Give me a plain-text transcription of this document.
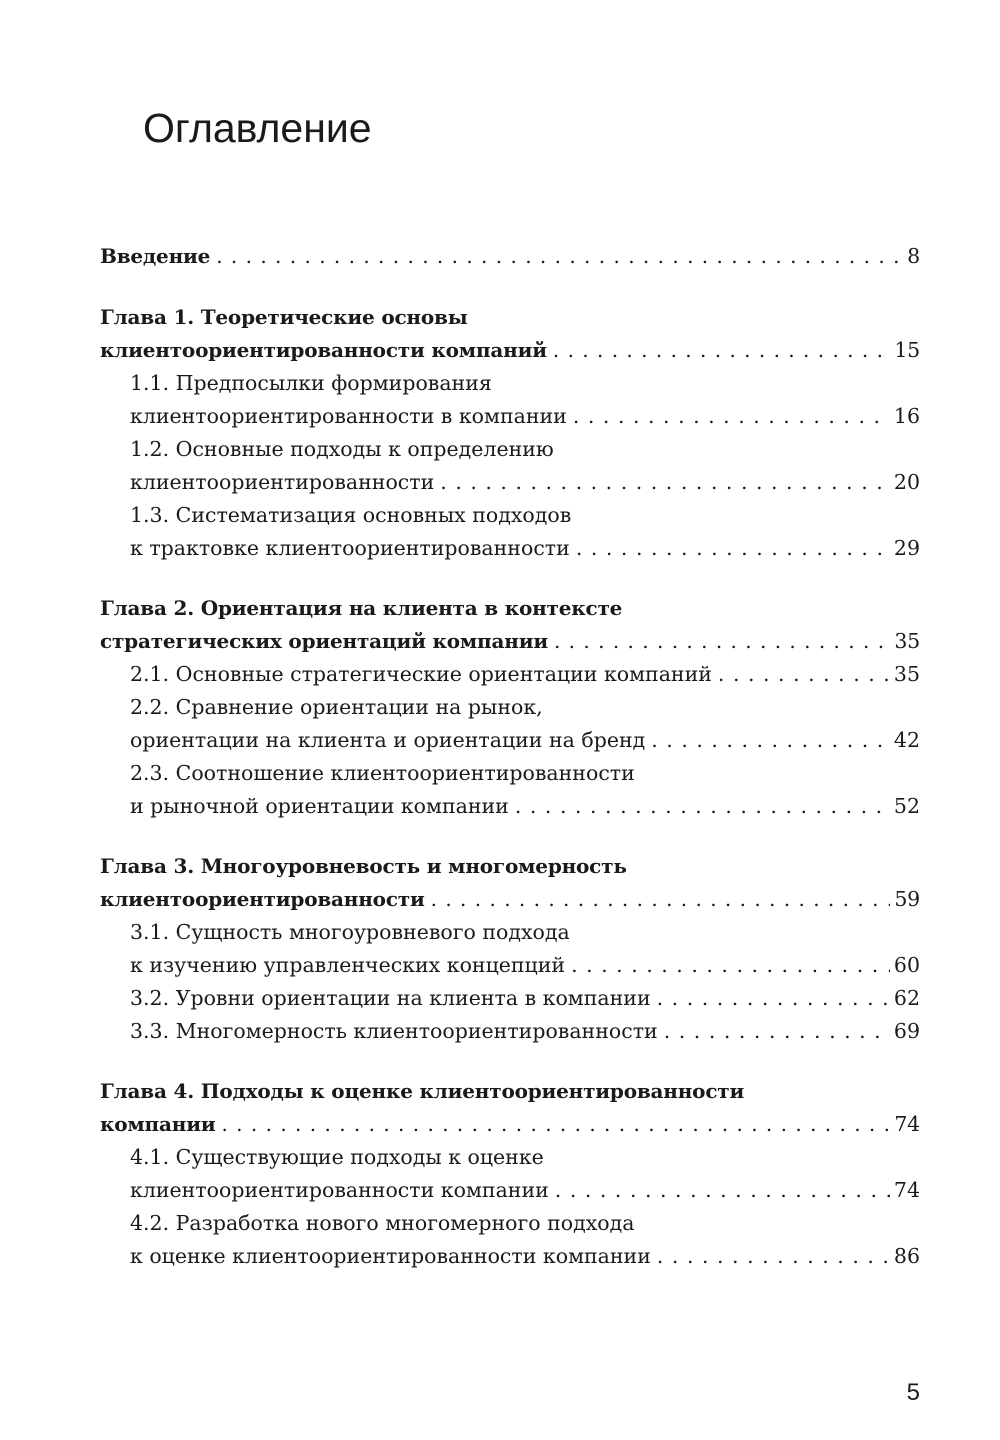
Оглавление
Введение . . .	8
Глава 1. Теоретические основы
клиентоориентированности компаний . . .	15
1.1. Предпосылки формирования
клиентоориентированности в компании . . .	16
1.2. Основные подходы к определению
клиентоориентированности . . .	20
1.3. Систематизация основных подходов
к трактовке клиентоориентированности . . .	29
Глава 2. Ориентация на клиента в контексте
стратегических ориентаций компании . . .	35
2.1. Основные стратегические ориентации компаний . . .	35
2.2. Сравнение ориентации на рынок,
ориентации на клиента и ориентации на бренд . . .	42
2.3. Соотношение клиентоориентированности
и рыночной ориентации компании . . .	52
Глава 3. Многоуровневость и многомерность
клиентоориентированности . . .	59
3.1. Сущность многоуровневого подхода
к изучению управленческих концепций . . .	60
3.2. Уровни ориентации на клиента в компании . . .	62
3.3. Многомерность клиентоориентированности . . .	69
Глава 4. Подходы к оценке клиентоориентированности
компании . . .	74
4.1. Существующие подходы к оценке
клиентоориентированности компании . . .	74
4.2. Разработка нового многомерного подхода
к оценке клиентоориентированности компании . . .	86

5
